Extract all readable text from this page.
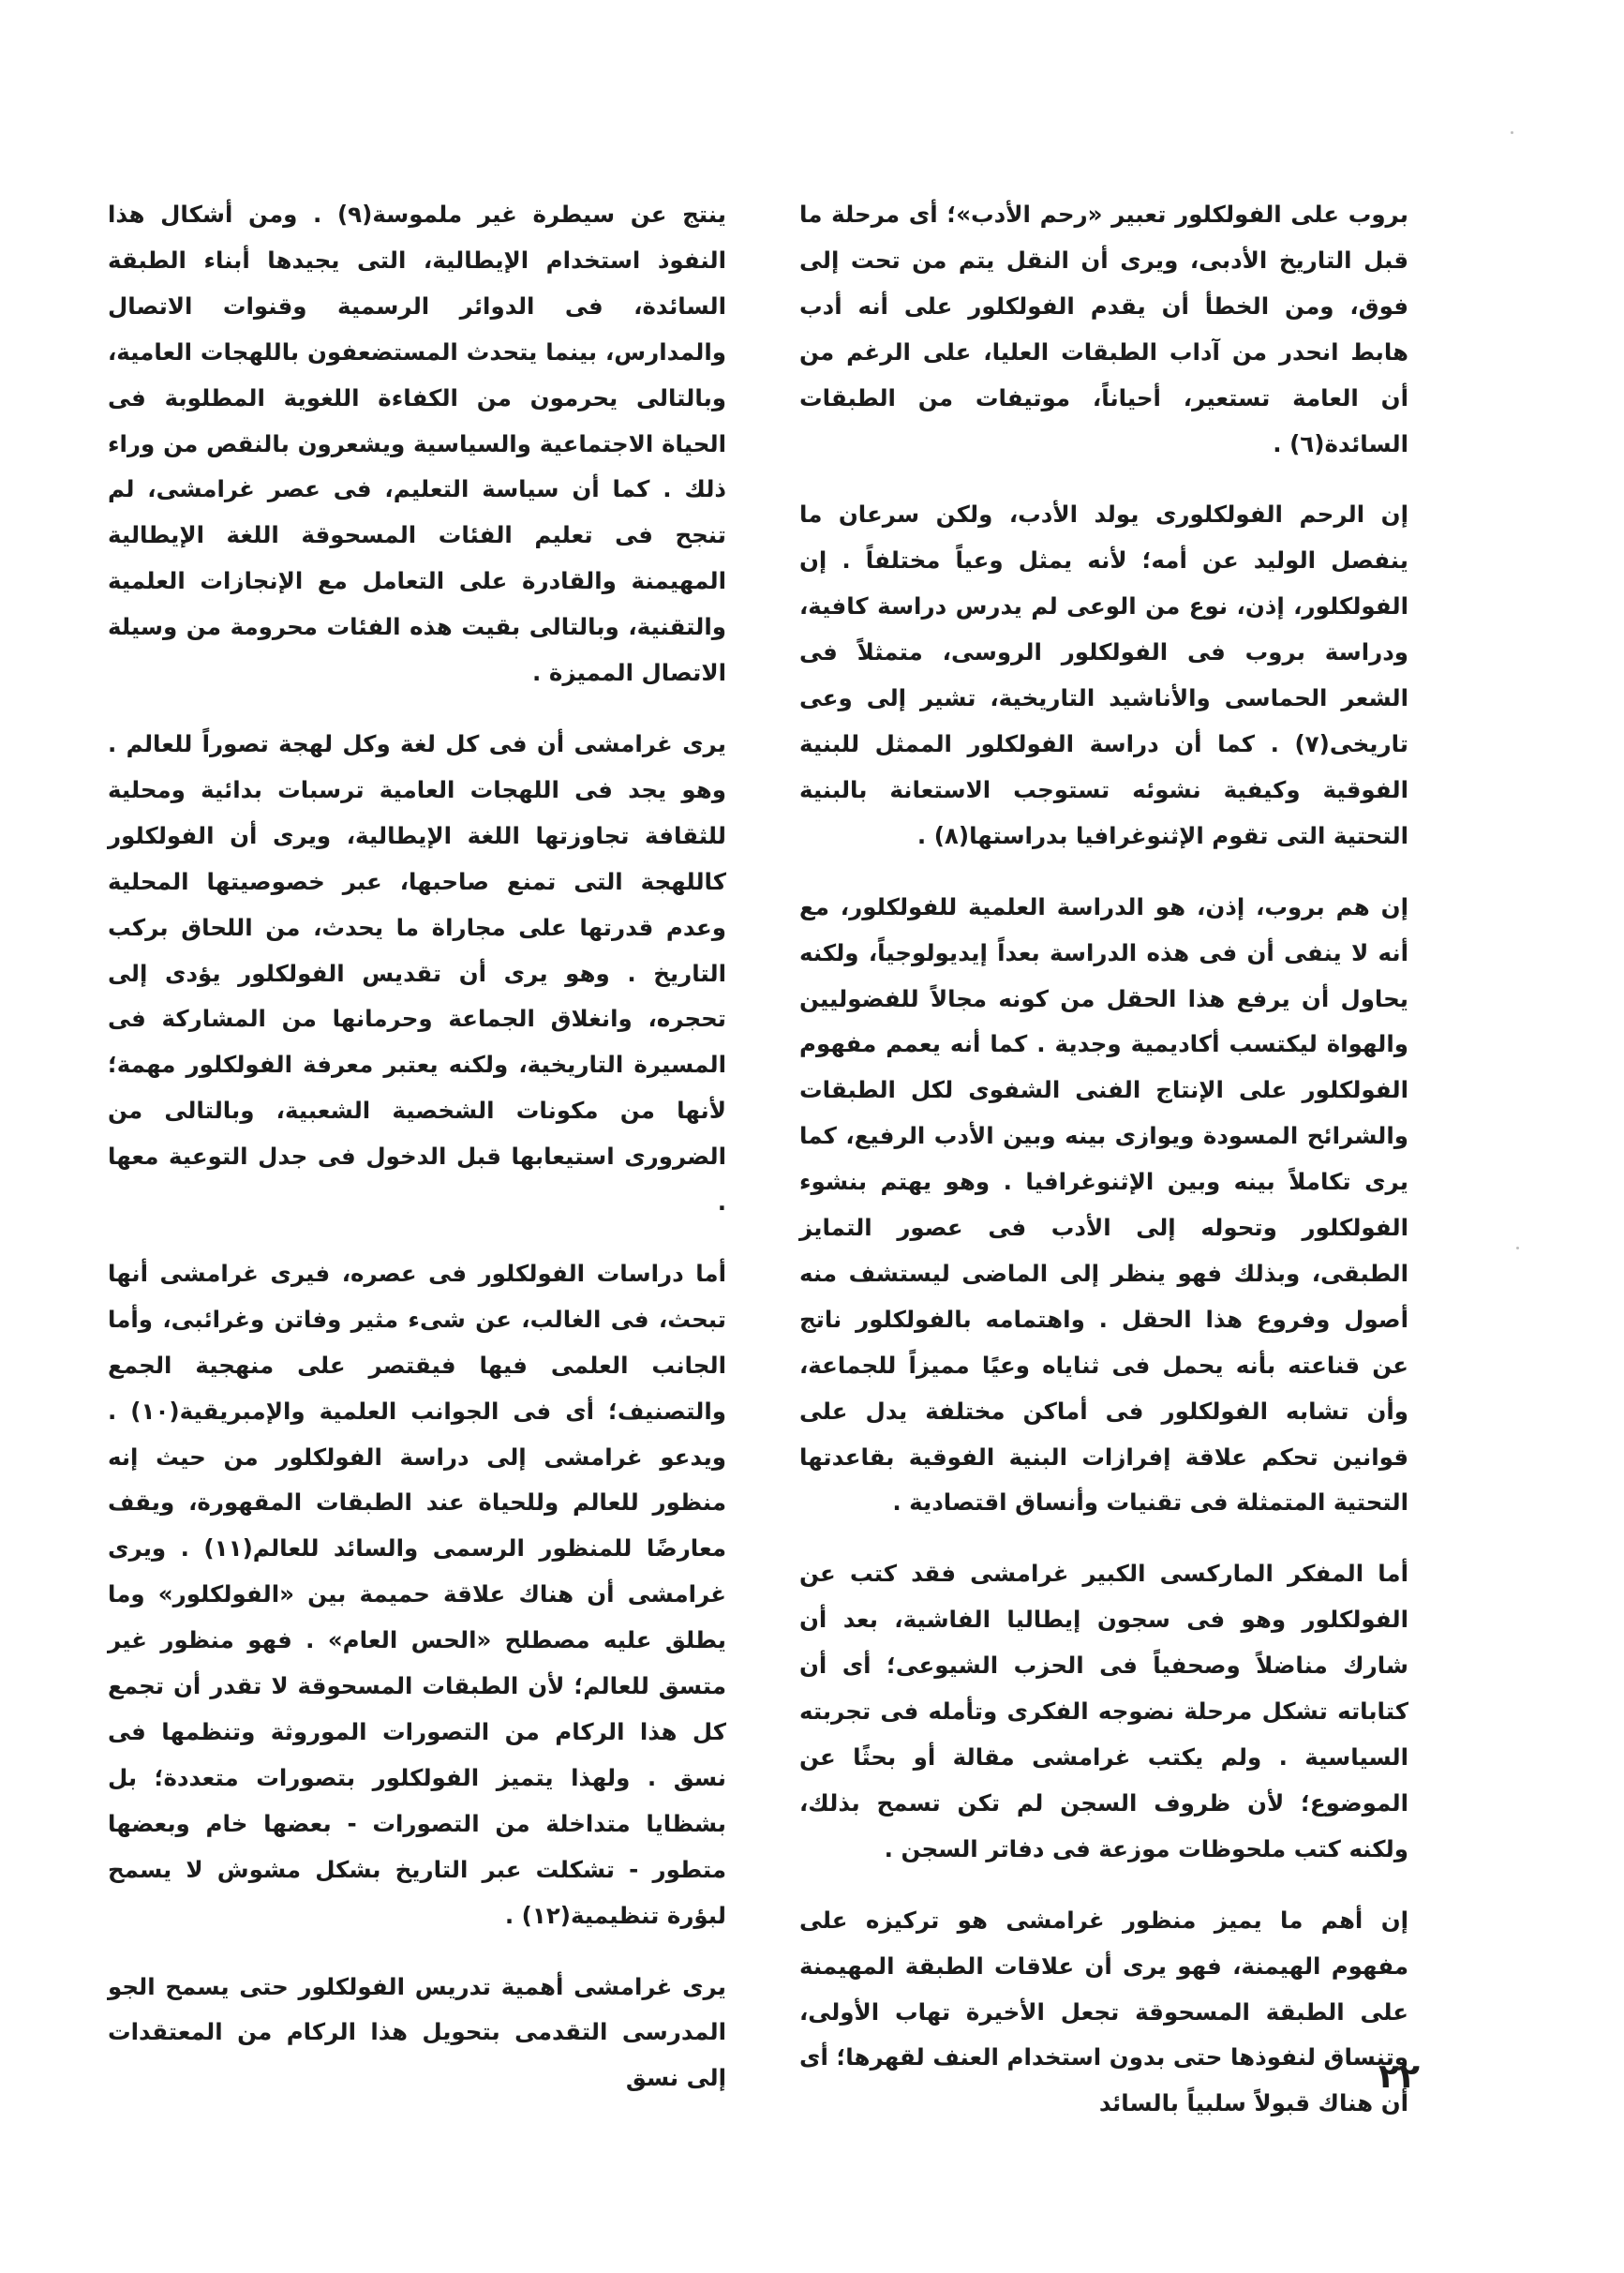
بروب على الفولكلور تعبير «رحم الأدب»؛ أى مرحلة ما قبل التاريخ الأدبى، ويرى أن النقل يتم من تحت إلى فوق، ومن الخطأ أن يقدم الفولكلور على أنه أدب هابط انحدر من آداب الطبقات العليا، على الرغم من أن العامة تستعير، أحياناً، موتيفات من الطبقات السائدة(٦) .

إن الرحم الفولكلورى يولد الأدب، ولكن سرعان ما ينفصل الوليد عن أمه؛ لأنه يمثل وعياً مختلفاً . إن الفولكلور، إذن، نوع من الوعى لم يدرس دراسة كافية، ودراسة بروب فى الفولكلور الروسى، متمثلاً فى الشعر الحماسى والأناشيد التاريخية، تشير إلى وعى تاريخى(٧) . كما أن دراسة الفولكلور الممثل للبنية الفوقية وكيفية نشوئه تستوجب الاستعانة بالبنية التحتية التى تقوم الإثنوغرافيا بدراستها(٨) .

إن هم بروب، إذن، هو الدراسة العلمية للفولكلور، مع أنه لا ينفى أن فى هذه الدراسة بعداً إيديولوجياً، ولكنه يحاول أن يرفع هذا الحقل من كونه مجالاً للفضوليين والهواة ليكتسب أكاديمية وجدية . كما أنه يعمم مفهوم الفولكلور على الإنتاج الفنى الشفوى لكل الطبقات والشرائح المسودة ويوازى بينه وبين الأدب الرفيع، كما يرى تكاملاً بينه وبين الإثنوغرافيا . وهو يهتم بنشوء الفولكلور وتحوله إلى الأدب فى عصور التمايز الطبقى، وبذلك فهو ينظر إلى الماضى ليستشف منه أصول وفروع هذا الحقل . واهتمامه بالفولكلور ناتج عن قناعته بأنه يحمل فى ثناياه وعيًا مميزاً للجماعة، وأن تشابه الفولكلور فى أماكن مختلفة يدل على قوانين تحكم علاقة إفرازات البنية الفوقية بقاعدتها التحتية المتمثلة فى تقنيات وأنساق اقتصادية .

أما المفكر الماركسى الكبير غرامشى فقد كتب عن الفولكلور وهو فى سجون إيطاليا الفاشية، بعد أن شارك مناضلاً وصحفياً فى الحزب الشيوعى؛ أى أن كتاباته تشكل مرحلة نضوجه الفكرى وتأمله فى تجربته السياسية . ولم يكتب غرامشى مقالة أو بحثًا عن الموضوع؛ لأن ظروف السجن لم تكن تسمح بذلك، ولكنه كتب ملحوظات موزعة فى دفاتر السجن .

إن أهم ما يميز منظور غرامشى هو تركيزه على مفهوم الهيمنة، فهو يرى أن علاقات الطبقة المهيمنة على الطبقة المسحوقة تجعل الأخيرة تهاب الأولى، وتنساق لنفوذها حتى بدون استخدام العنف لقهرها؛ أى أن هناك قبولاً سلبياً بالسائد

ينتج عن سيطرة غير ملموسة(٩) . ومن أشكال هذا النفوذ استخدام الإيطالية، التى يجيدها أبناء الطبقة السائدة، فى الدوائر الرسمية وقنوات الاتصال والمدارس، بينما يتحدث المستضعفون باللهجات العامية، وبالتالى يحرمون من الكفاءة اللغوية المطلوبة فى الحياة الاجتماعية والسياسية ويشعرون بالنقص من وراء ذلك . كما أن سياسة التعليم، فى عصر غرامشى، لم تنجح فى تعليم الفئات المسحوقة اللغة الإيطالية المهيمنة والقادرة على التعامل مع الإنجازات العلمية والتقنية، وبالتالى بقيت هذه الفئات محرومة من وسيلة الاتصال المميزة .

يرى غرامشى أن فى كل لغة وكل لهجة تصوراً للعالم . وهو يجد فى اللهجات العامية ترسبات بدائية ومحلية للثقافة تجاوزتها اللغة الإيطالية، ويرى أن الفولكلور كاللهجة التى تمنع صاحبها، عبر خصوصيتها المحلية وعدم قدرتها على مجاراة ما يحدث، من اللحاق بركب التاريخ . وهو يرى أن تقديس الفولكلور يؤدى إلى تحجره، وانغلاق الجماعة وحرمانها من المشاركة فى المسيرة التاريخية، ولكنه يعتبر معرفة الفولكلور مهمة؛ لأنها من مكونات الشخصية الشعبية، وبالتالى من الضرورى استيعابها قبل الدخول فى جدل التوعية معها .

أما دراسات الفولكلور فى عصره، فيرى غرامشى أنها تبحث، فى الغالب، عن شىء مثير وفاتن وغرائبى، وأما الجانب العلمى فيها فيقتصر على منهجية الجمع والتصنيف؛ أى فى الجوانب العلمية والإمبريقية(١٠) . ويدعو غرامشى إلى دراسة الفولكلور من حيث إنه منظور للعالم وللحياة عند الطبقات المقهورة، ويقف معارضًا للمنظور الرسمى والسائد للعالم(١١) . ويرى غرامشى أن هناك علاقة حميمة بين «الفولكلور» وما يطلق عليه مصطلح «الحس العام» . فهو منظور غير متسق للعالم؛ لأن الطبقات المسحوقة لا تقدر أن تجمع كل هذا الركام من التصورات الموروثة وتنظمها فى نسق . ولهذا يتميز الفولكلور بتصورات متعددة؛ بل بشظايا متداخلة من التصورات - بعضها خام وبعضها متطور - تشكلت عبر التاريخ بشكل مشوش لا يسمح لبؤرة تنظيمية(١٢) .

يرى غرامشى أهمية تدريس الفولكلور حتى يسمح الجو المدرسى التقدمى بتحويل هذا الركام من المعتقدات إلى نسق	٢٢
